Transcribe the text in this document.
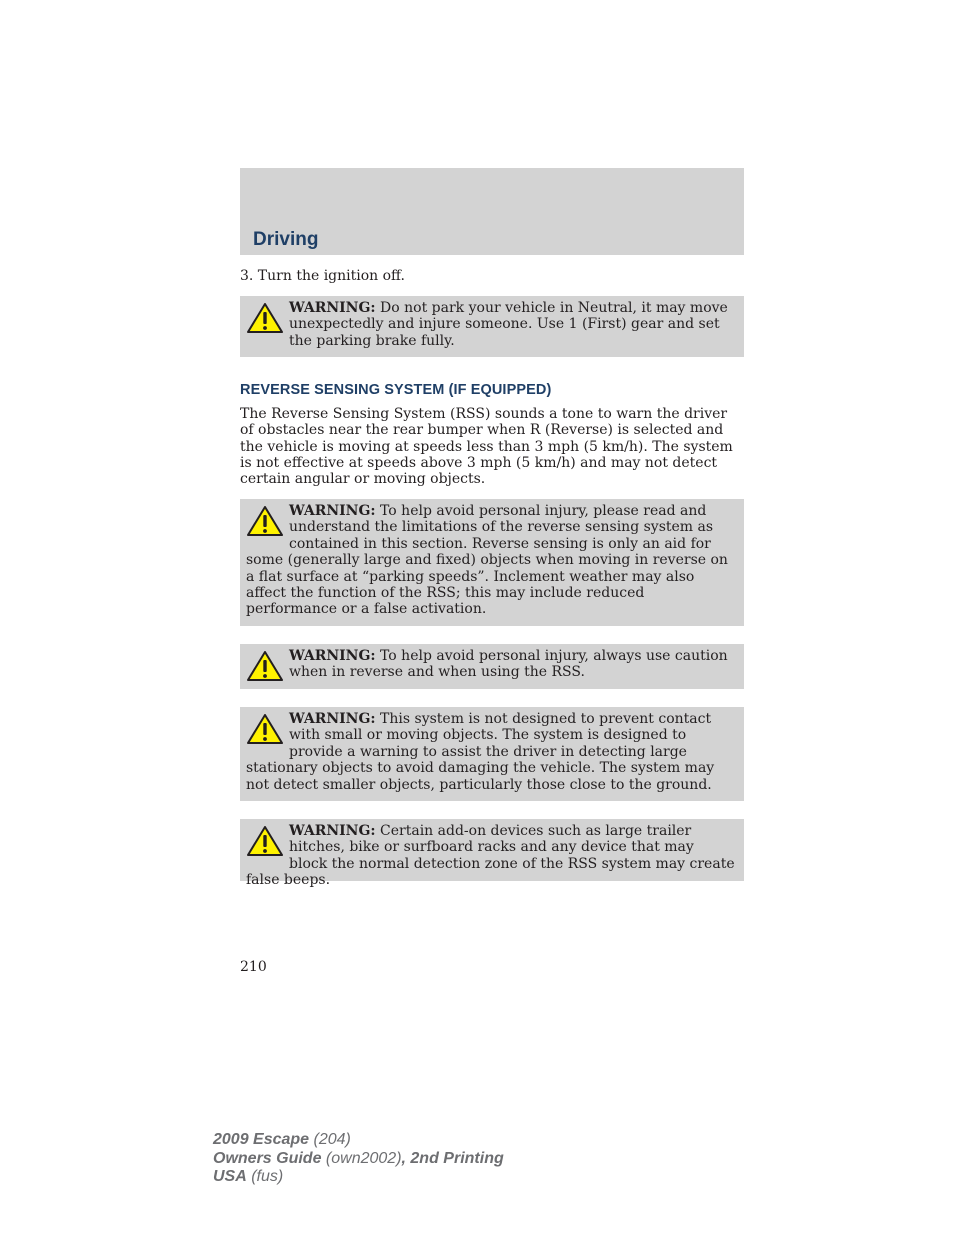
Driving

3. Turn the ignition off.

WARNING: Do not park your vehicle in Neutral, it may move unexpectedly and injure someone. Use 1 (First) gear and set the parking brake fully.
REVERSE SENSING SYSTEM (IF EQUIPPED)

The Reverse Sensing System (RSS) sounds a tone to warn the driver of obstacles near the rear bumper when R (Reverse) is selected and the vehicle is moving at speeds less than 3 mph (5 km/h). The system is not effective at speeds above 3 mph (5 km/h) and may not detect certain angular or moving objects.

WARNING: To help avoid personal injury, please read and understand the limitations of the reverse sensing system as contained in this section. Reverse sensing is only an aid for some (generally large and fixed) objects when moving in reverse on a flat surface at “parking speeds”. Inclement weather may also affect the function of the RSS; this may include reduced performance or a false activation.
WARNING: To help avoid personal injury, always use caution when in reverse and when using the RSS.
WARNING: This system is not designed to prevent contact with small or moving objects. The system is designed to provide a warning to assist the driver in detecting large stationary objects to avoid damaging the vehicle. The system may not detect smaller objects, particularly those close to the ground.
WARNING: Certain add-on devices such as large trailer hitches, bike or surfboard racks and any device that may block the normal detection zone of the RSS system may create false beeps.

210

2009 Escape (204)
Owners Guide (own2002), 2nd Printing
USA (fus)
